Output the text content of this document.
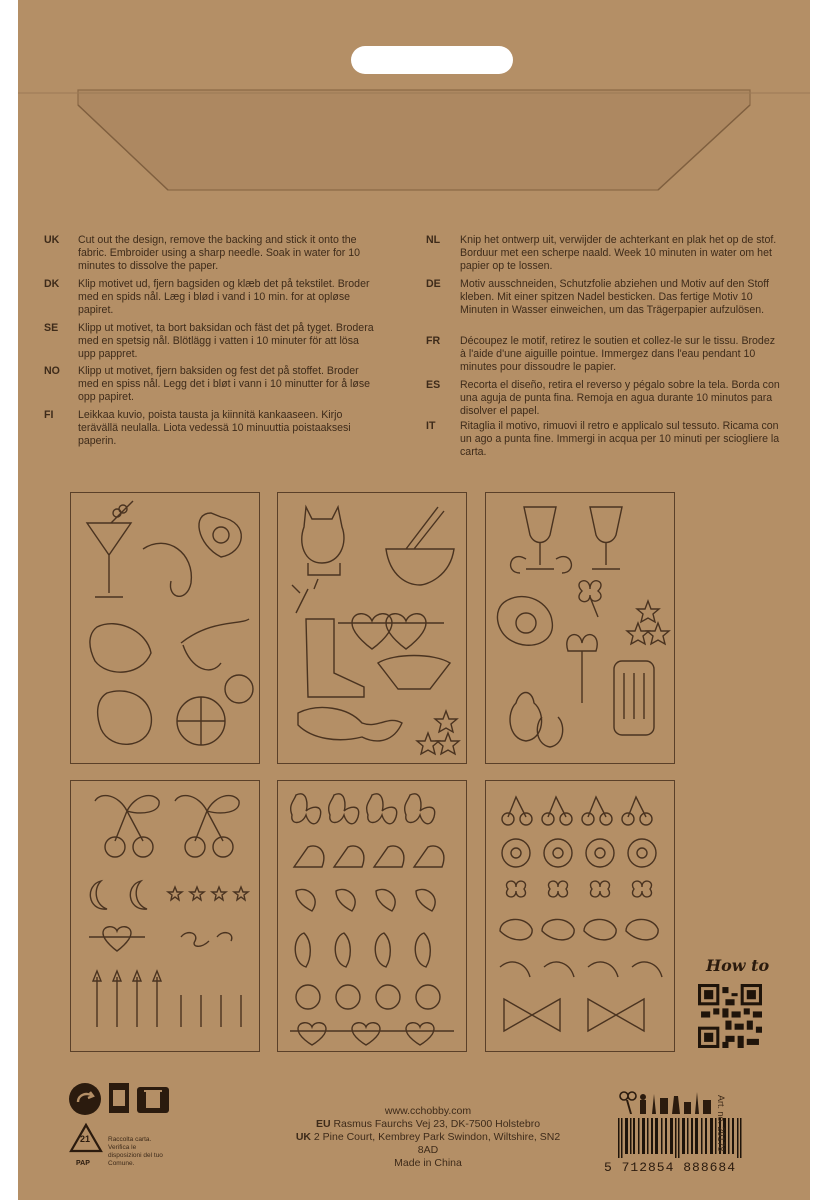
UK	Cut out the design, remove the backing and stick it onto the fabric. Embroider using a sharp needle. Soak in water for 10 minutes to dissolve the paper.
DK	Klip motivet ud, fjern bagsiden og klæb det på tekstilet. Broder med en spids nål. Læg i blød i vand i 10 min. for at opløse papiret.
SE	Klipp ut motivet, ta bort baksidan och fäst det på tyget. Brodera med en spetsig nål. Blötlägg i vatten i 10 minuter för att lösa upp pappret.
NO	Klipp ut motivet, fjern baksiden og fest det på stoffet. Broder med en spiss nål. Legg det i bløt i vann i 10 minutter for å løse opp papiret.
FI	Leikkaa kuvio, poista tausta ja kiinnitä kankaaseen. Kirjo terävällä neulalla. Liota vedessä 10 minuuttia poistaaksesi paperin.
NL	Knip het ontwerp uit, verwijder de achterkant en plak het op de stof. Borduur met een scherpe naald. Week 10 minuten in water om het papier op te lossen.
DE	Motiv ausschneiden, Schutzfolie abziehen und Motiv auf den Stoff kleben. Mit einer spitzen Nadel besticken. Das fertige Motiv 10 Minuten in Wasser einweichen, um das Trägerpapier aufzulösen.
FR	Découpez le motif, retirez le soutien et collez-le sur le tissu. Brodez à l'aide d'une aiguille pointue. Immergez dans l'eau pendant 10 minutes pour dissoudre le papier.
ES	Recorta el diseño, retira el reverso y pégalo sobre la tela. Borda con una aguja de punta fina. Remoja en agua durante 10 minutos para disolver el papel.
IT	Ritaglia il motivo, rimuovi il retro e applicalo sul tessuto. Ricama con un ago a punta fine. Immergi in acqua per 10 minuti per sciogliere la carta.
How to
21
PAP
Raccolta carta. Verifica le disposizioni del tuo Comune.
www.cchobby.com
EU Rasmus Faurchs Vej 23, DK-7500 Holstebro
UK 2 Pine Court, Kembrey Park Swindon, Wiltshire, SN2 8AD
Made in China	5 712854 888684
Art. no. 29178
